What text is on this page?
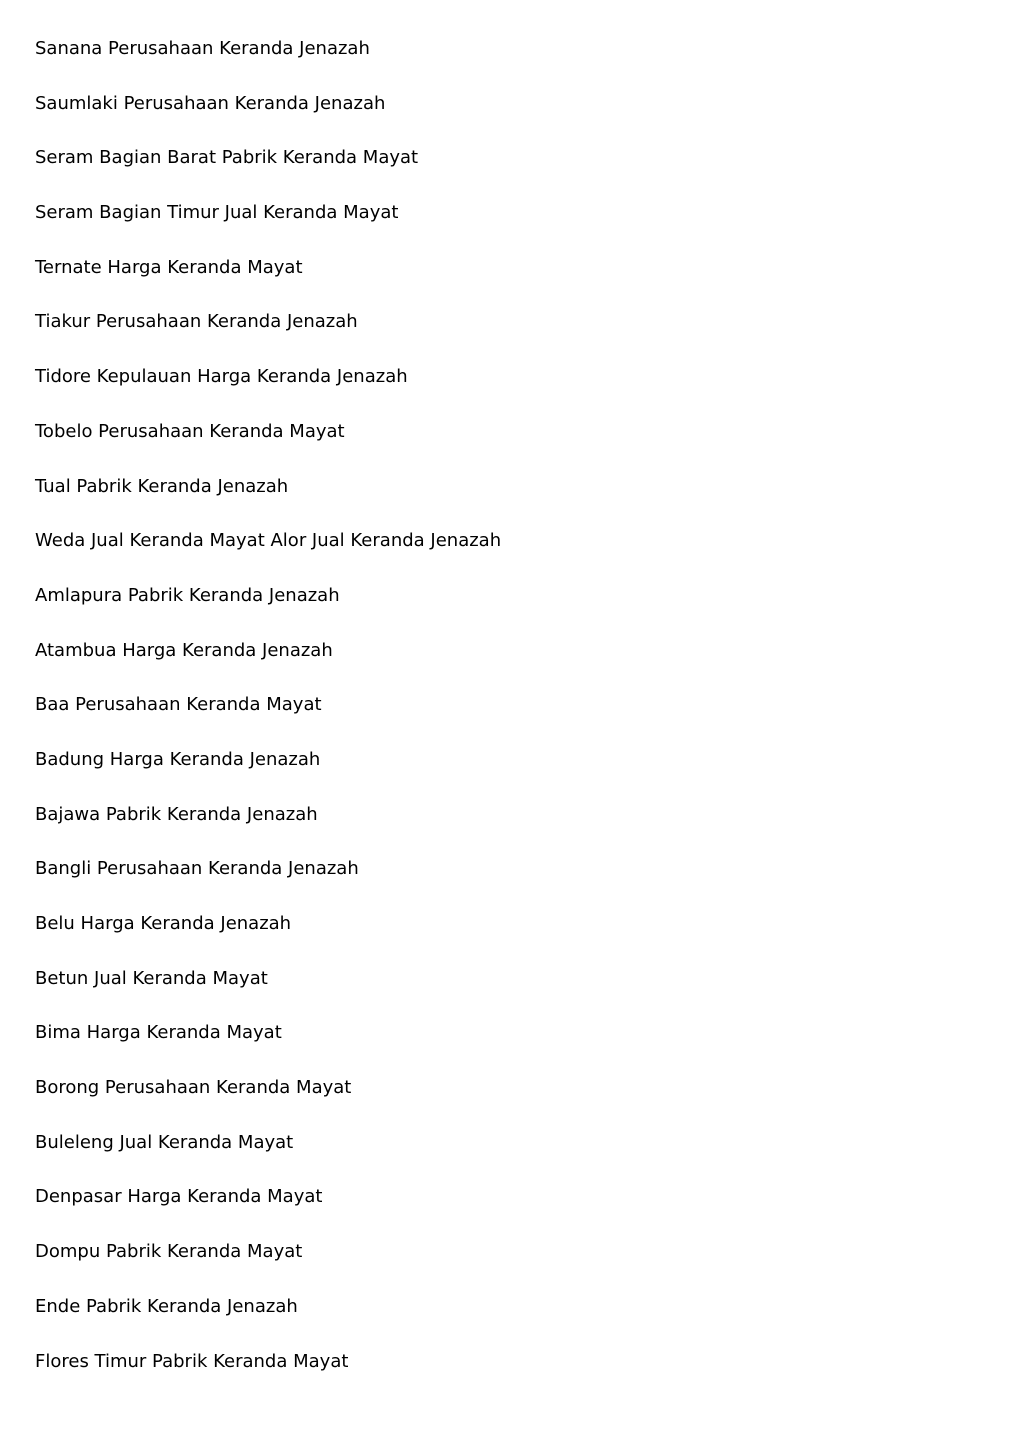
Sanana Perusahaan Keranda Jenazah
Saumlaki Perusahaan Keranda Jenazah
Seram Bagian Barat Pabrik Keranda Mayat
Seram Bagian Timur Jual Keranda Mayat
Ternate Harga Keranda Mayat
Tiakur Perusahaan Keranda Jenazah
Tidore Kepulauan Harga Keranda Jenazah
Tobelo Perusahaan Keranda Mayat
Tual Pabrik Keranda Jenazah
Weda Jual Keranda Mayat Alor Jual Keranda Jenazah
Amlapura Pabrik Keranda Jenazah
Atambua Harga Keranda Jenazah
Baa Perusahaan Keranda Mayat
Badung Harga Keranda Jenazah
Bajawa Pabrik Keranda Jenazah
Bangli Perusahaan Keranda Jenazah
Belu Harga Keranda Jenazah
Betun Jual Keranda Mayat
Bima Harga Keranda Mayat
Borong Perusahaan Keranda Mayat
Buleleng Jual Keranda Mayat
Denpasar Harga Keranda Mayat
Dompu Pabrik Keranda Mayat
Ende Pabrik Keranda Jenazah
Flores Timur Pabrik Keranda Mayat
